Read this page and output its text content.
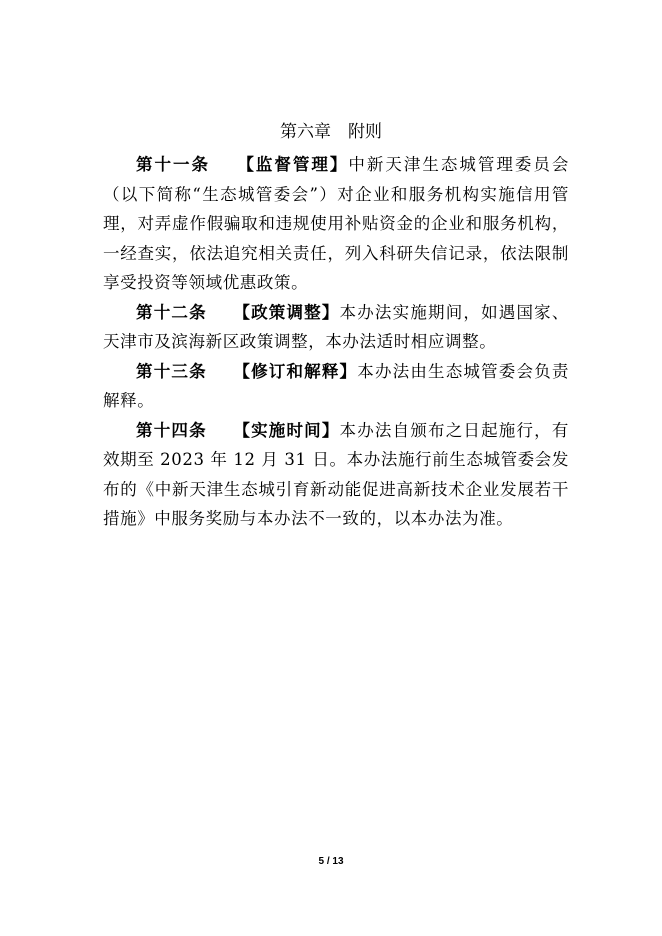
第六章　附则

第十一条 【监督管理】中新天津生态城管理委员会（以下简称“生态城管委会”）对企业和服务机构实施信用管理，对弄虚作假骗取和违规使用补贴资金的企业和服务机构，一经查实，依法追究相关责任，列入科研失信记录，依法限制享受投资等领域优惠政策。

第十二条 【政策调整】本办法实施期间，如遇国家、天津市及滨海新区政策调整，本办法适时相应调整。

第十三条 【修订和解释】本办法由生态城管委会负责解释。

第十四条 【实施时间】本办法自颁布之日起施行，有效期至 2023 年 12 月 31 日。本办法施行前生态城管委会发布的《中新天津生态城引育新动能促进高新技术企业发展若干措施》中服务奖励与本办法不一致的，以本办法为准。

5 / 13
